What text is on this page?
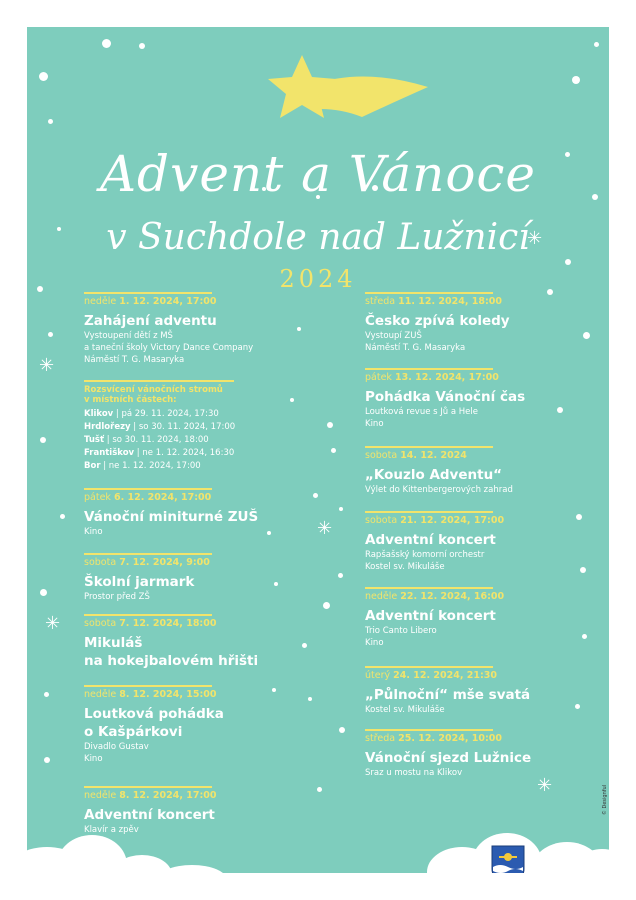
✳
✳
✳
✳
✳
Advent a Vánoce
v Suchdole nad Lužnicí
2024
neděle 1. 12. 2024, 17:00
Zahájení adventu
Vystoupení dětí z MŠ
a taneční školy Victory Dance Company
Náměstí T. G. Masaryka
Rozsvícení vánočních stromů
v místních částech:
Klikov | pá 29. 11. 2024, 17:30
Hrdlořezy | so 30. 11. 2024, 17:00
Tušť | so 30. 11. 2024, 18:00
Františkov | ne 1. 12. 2024, 16:30
Bor | ne 1. 12. 2024, 17:00
pátek 6. 12. 2024, 17:00
Vánoční miniturné ZUŠ
Kino
sobota 7. 12. 2024, 9:00
Školní jarmark
Prostor před ZŠ
sobota 7. 12. 2024, 18:00
Mikuláš
na hokejbalovém hřišti
neděle 8. 12. 2024, 15:00
Loutková pohádka
o Kašpárkovi
Divadlo Gustav
Kino
neděle 8. 12. 2024, 17:00
Adventní koncert
Klavír a zpěv
středa 11. 12. 2024, 18:00
Česko zpívá koledy
Vystoupí ZUŠ
Náměstí T. G. Masaryka
pátek 13. 12. 2024, 17:00
Pohádka Vánoční čas
Loutková revue s Jů a Hele
Kino
sobota 14. 12. 2024
„Kouzlo Adventu“
Výlet do Kittenbergerových zahrad
sobota 21. 12. 2024, 17:00
Adventní koncert
Rapšašský komorní orchestr
Kostel sv. Mikuláše
neděle 22. 12. 2024, 16:00
Adventní koncert
Trio Canto Libero
Kino
úterý 24. 12. 2024, 21:30
„Půlnoční“ mše svatá
Kostel sv. Mikuláše
středa 25. 12. 2024, 10:00
Vánoční sjezd Lužnice
Sraz u mostu na Klikov
© Designful
